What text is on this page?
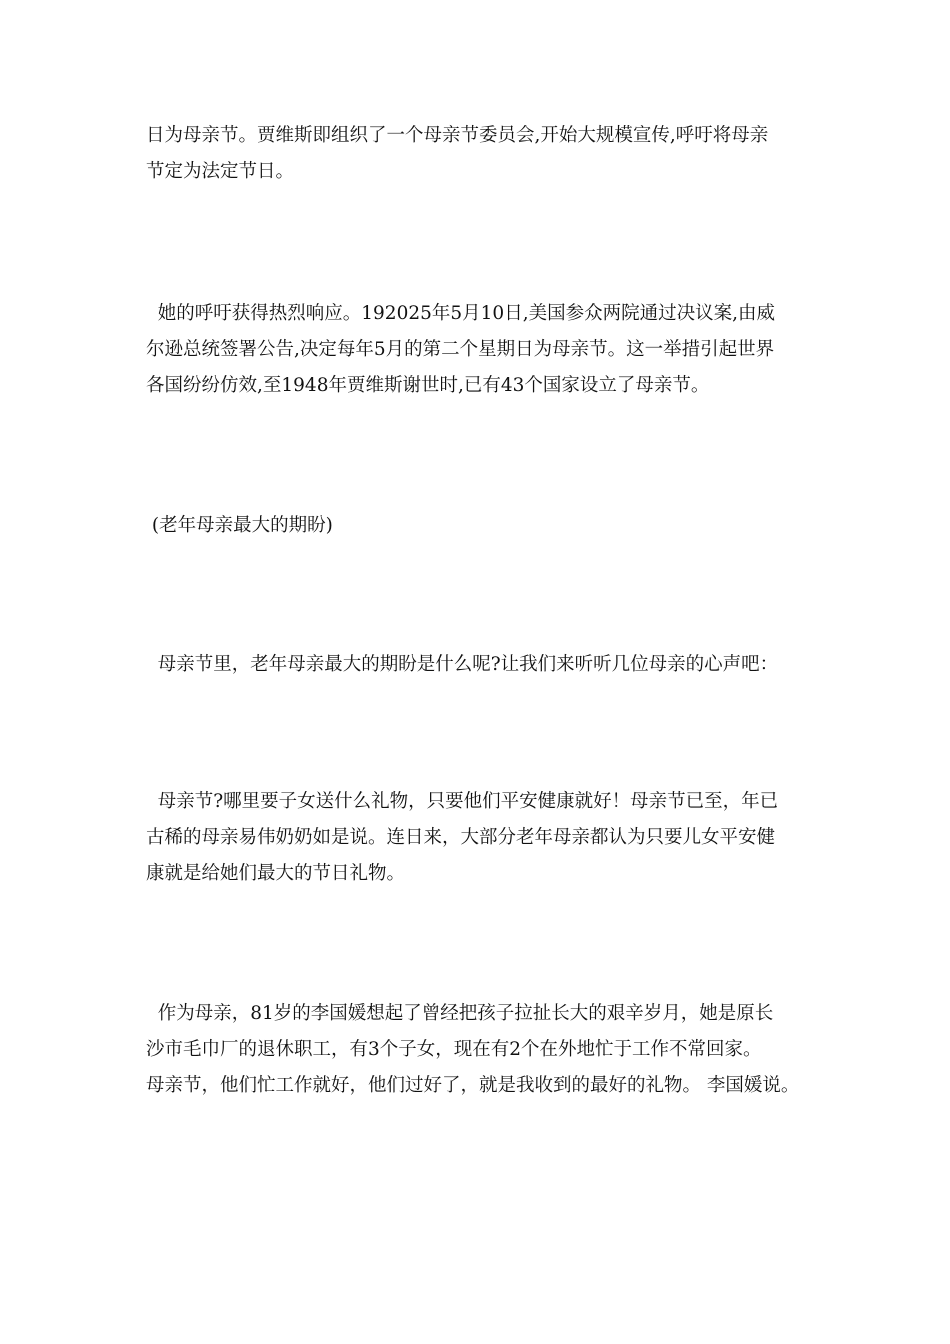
日为母亲节。贾维斯即组织了一个母亲节委员会,开始大规模宣传,呼吁将母亲
节定为法定节日。
她的呼吁获得热烈响应。192025年5月10日,美国参众两院通过决议案,由威
尔逊总统签署公告,决定每年5月的第二个星期日为母亲节。这一举措引起世界
各国纷纷仿效,至1948年贾维斯谢世时,已有43个国家设立了母亲节。
(老年母亲最大的期盼)
母亲节里，老年母亲最大的期盼是什么呢?让我们来听听几位母亲的心声吧：
母亲节?哪里要子女送什么礼物，只要他们平安健康就好！母亲节已至，年已
古稀的母亲易伟奶奶如是说。连日来，大部分老年母亲都认为只要儿女平安健
康就是给她们最大的节日礼物。
作为母亲，81岁的李国媛想起了曾经把孩子拉扯长大的艰辛岁月，她是原长
沙市毛巾厂的退休职工，有3个子女，现在有2个在外地忙于工作不常回家。
母亲节，他们忙工作就好，他们过好了，就是我收到的最好的礼物。 李国媛说。
